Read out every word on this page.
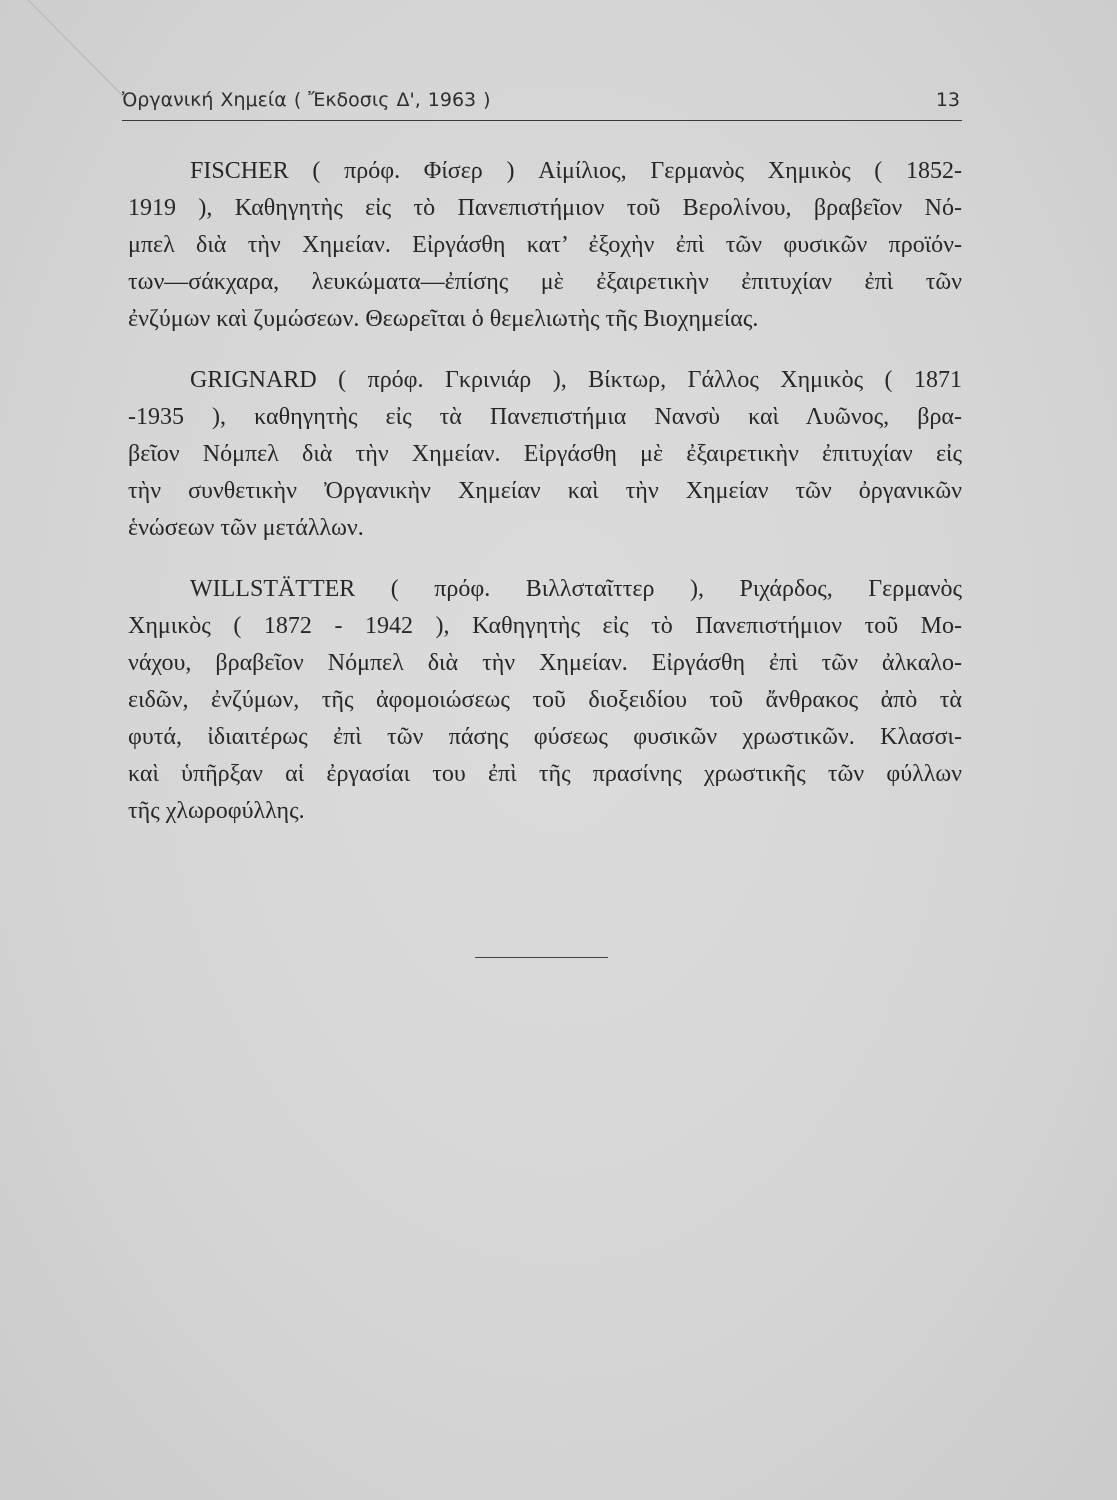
Ὀργανική Χημεία ( Ἔκδοσις Δ', 1963 )	13
FISCHER ( πρόφ. Φίσερ ) Αἰμίλιος, Γερμανὸς Χημικὸς ( 1852-
1919 ), Καθηγητὴς εἰς τὸ Πανεπιστήμιον τοῦ Βερολίνου, βραβεῖον Νό-
μπελ διὰ τὴν Χημείαν. Εἰργάσθη κατ’ ἐξοχὴν ἐπὶ τῶν φυσικῶν προϊόν-
των—σάκχαρα, λευκώματα—ἐπίσης μὲ ἐξαιρετικὴν ἐπιτυχίαν ἐπὶ τῶν
ἐνζύμων καὶ ζυμώσεων. Θεωρεῖται ὁ θεμελιωτὴς τῆς Βιοχημείας.
GRIGNARD ( πρόφ. Γκρινιάρ ), Βίκτωρ, Γάλλος Χημικὸς ( 1871
-1935 ), καθηγητὴς εἰς τὰ Πανεπιστήμια Νανσὺ καὶ Λυῶνος, βρα-
βεῖον Νόμπελ διὰ τὴν Χημείαν. Εἰργάσθη μὲ ἐξαιρετικὴν ἐπιτυχίαν εἰς
τὴν συνθετικὴν Ὀργανικὴν Χημείαν καὶ τὴν Χημείαν τῶν ὀργανικῶν
ἑνώσεων τῶν μετάλλων.
WILLSTÄTTER ( πρόφ. Βιλλσταῖττερ ), Ριχάρδος, Γερμανὸς
Χημικὸς ( 1872 - 1942 ), Καθηγητὴς εἰς τὸ Πανεπιστήμιον τοῦ Μο-
νάχου, βραβεῖον Νόμπελ διὰ τὴν Χημείαν. Εἰργάσθη ἐπὶ τῶν ἀλκαλο-
ειδῶν, ἐνζύμων, τῆς ἀφομοιώσεως τοῦ διοξειδίου τοῦ ἄνθρακος ἀπὸ τὰ
φυτά, ἰδιαιτέρως ἐπὶ τῶν πάσης φύσεως φυσικῶν χρωστικῶν. Κλασσι-
καὶ ὑπῆρξαν αἱ ἐργασίαι του ἐπὶ τῆς πρασίνης χρωστικῆς τῶν φύλλων
τῆς χλωροφύλλης.
